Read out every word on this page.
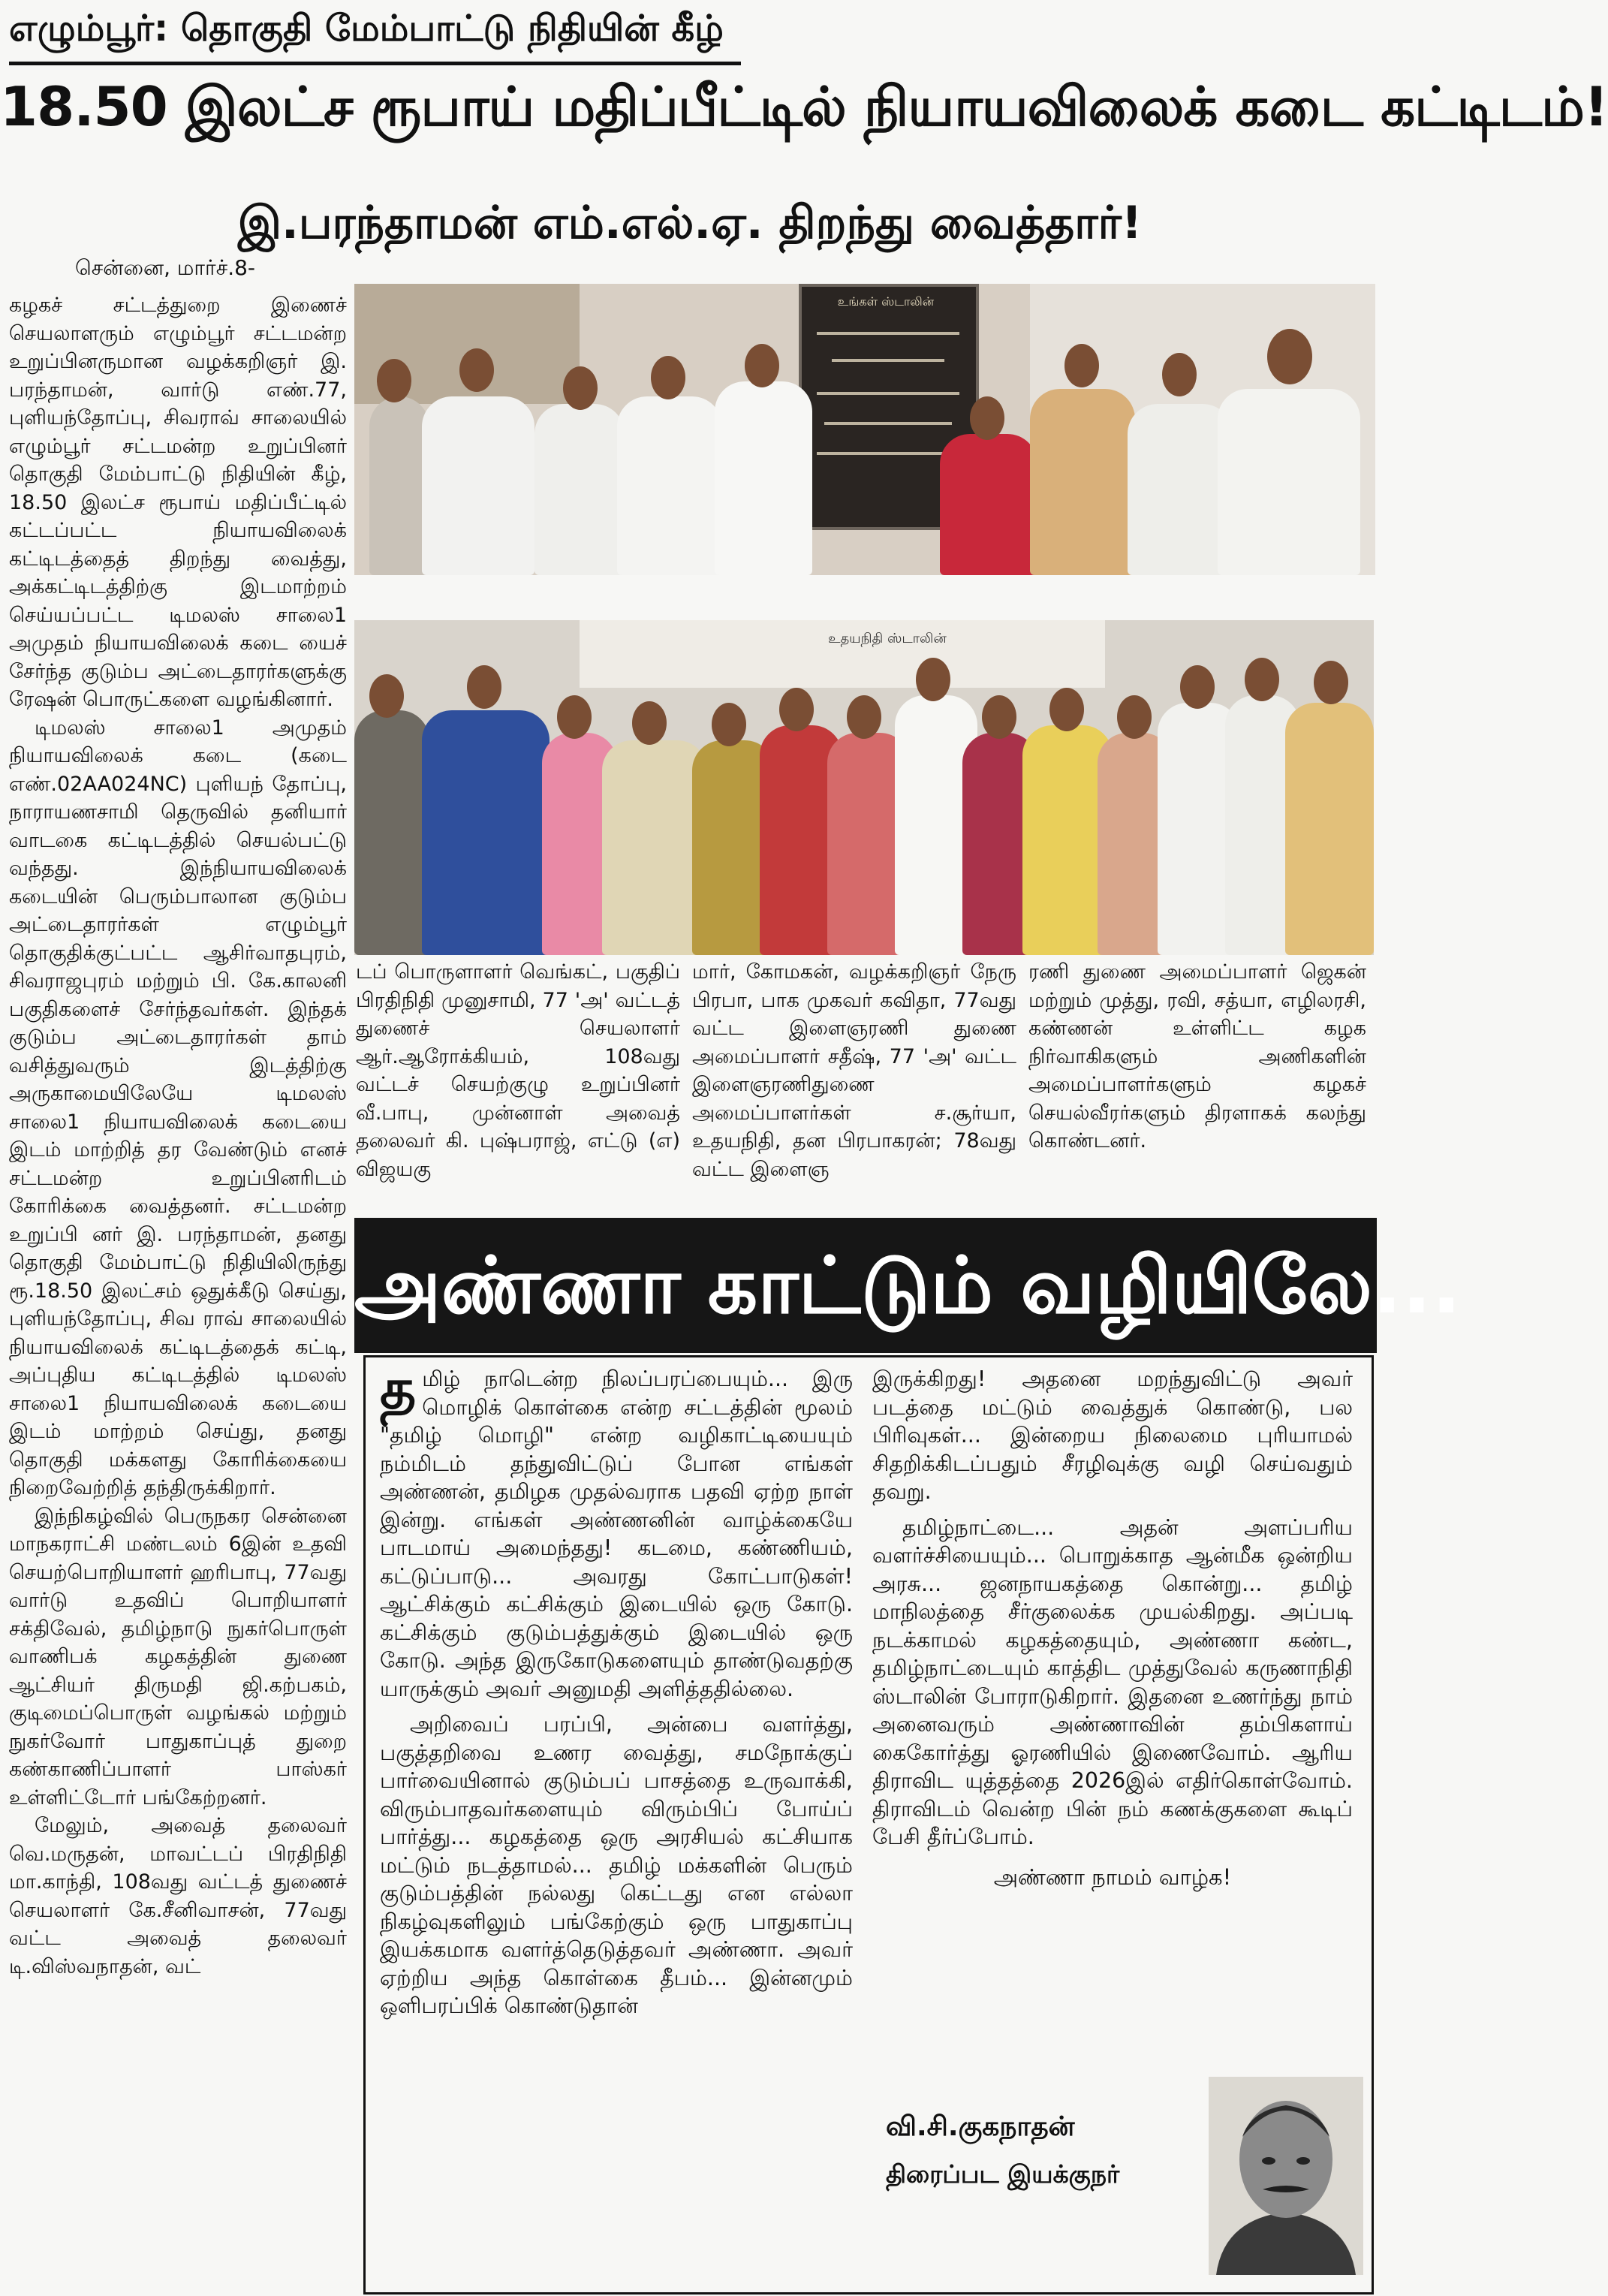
எழும்பூர்: தொகுதி மேம்பாட்டு நிதியின் கீழ்
18.50 இலட்ச ரூபாய் மதிப்பீட்டில் நியாயவிலைக் கடை கட்டிடம்!
இ.பரந்தாமன் எம்.எல்.ஏ. திறந்து வைத்தார்!
சென்னை, மார்ச்.8-

கழகச் சட்டத்துறை இணைச் செயலாளரும் எழும்பூர் சட்டமன்ற உறுப்பினருமான வழக்கறிஞர் இ. பரந்தாமன், வார்டு எண்.77, புளியந்தோப்பு, சிவராவ் சாலையில் எழும்பூர் சட்டமன்ற உறுப்பினர் தொகுதி மேம்பாட்டு நிதியின் கீழ், 18.50 இலட்ச ரூபாய் மதிப்பீட்டில் கட்டப்பட்ட நியாயவிலைக் கட்டிடத்தைத் திறந்து வைத்து, அக்கட்டிடத்திற்கு இடமாற்றம் செய்யப்பட்ட டிமலஸ் சாலை1 அமுதம் நியாயவிலைக் கடை யைச் சேர்ந்த குடும்ப அட்டைதாரர்களுக்கு ரேஷன் பொருட்களை வழங்கினார்.

டிமலஸ் சாலை1 அமுதம் நியாயவிலைக் கடை (கடை எண்.02AA024NC) புளியந் தோப்பு, நாராயணசாமி தெருவில் தனியார் வாடகை கட்டிடத்தில் செயல்பட்டு வந்தது. இந்நியாயவிலைக் கடையின் பெரும்பாலான குடும்ப அட்டைதாரர்கள் எழும்பூர் தொகுதிக்குட்பட்ட ஆசிர்வாதபுரம், சிவராஜபுரம் மற்றும் பி. கே.காலனி பகுதிகளைச் சேர்ந்தவர்கள். இந்தக் குடும்ப அட்டைதாரர்கள் தாம் வசித்துவரும் இடத்திற்கு அருகாமையிலேயே டிமலஸ் சாலை1 நியாயவிலைக் கடையை இடம் மாற்றித் தர வேண்டும் எனச் சட்டமன்ற உறுப்பினரிடம் கோரிக்கை வைத்தனர். சட்டமன்ற உறுப்பி னர் இ. பரந்தாமன், தனது தொகுதி மேம்பாட்டு நிதியிலிருந்து ரூ.18.50 இலட்சம் ஒதுக்கீடு செய்து, புளியந்தோப்பு, சிவ ராவ் சாலையில் நியாயவிலைக் கட்டிடத்தைக் கட்டி, அப்புதிய கட்டிடத்தில் டிமலஸ் சாலை1 நியாயவிலைக் கடையை இடம் மாற்றம் செய்து, தனது தொகுதி மக்களது கோரிக்கையை நிறைவேற்றித் தந்திருக்கிறார்.

இந்நிகழ்வில் பெருநகர சென்னை மாநகராட்சி மண்டலம் 6இன் உதவி செயற்பொறியாளர் ஹரிபாபு, 77வது வார்டு உதவிப் பொறியாளர் சக்திவேல், தமிழ்நாடு நுகர்பொருள் வாணிபக் கழகத்தின் துணை ஆட்சியர் திருமதி ஜி.கற்பகம், குடிமைப்பொருள் வழங்கல் மற்றும் நுகர்வோர் பாதுகாப்புத் துறை கண்காணிப்பாளர் பாஸ்கர் உள்ளிட்டோர் பங்கேற்றனர்.

மேலும், அவைத் தலைவர் வெ.மருதன், மாவட்டப் பிரதிநிதி மா.காந்தி, 108வது வட்டத் துணைச் செயலாளர் கே.சீனிவாசன், 77வது வட்ட அவைத் தலைவர் டி.விஸ்வநாதன், வட்

உங்கள் ஸ்டாலின்
உதயநிதி ஸ்டாலின்
டப் பொருளாளர் வெங்கட், பகுதிப் பிரதிநிதி முனுசாமி, 77 'அ' வட்டத் துணைச் செயலாளர் ஆர்.ஆரோக்கியம், 108வது வட்டச் செயற்குழு உறுப்பினர் வீ.பாபு, முன்னாள் அவைத் தலைவர் கி. புஷ்பராஜ், எட்டு (எ) விஜயகு
மார், கோமகன், வழக்கறிஞர் நேரு பிரபா, பாக முகவர் கவிதா, 77வது வட்ட இளைஞரணி துணை அமைப்பாளர் சதீஷ், 77 'அ' வட்ட இளைஞரணிதுணை அமைப்பாளர்கள் ச.சூர்யா, உதயநிதி, தன பிரபாகரன்; 78வது வட்ட இளைஞ
ரணி துணை அமைப்பாளர் ஜெகன் மற்றும் முத்து, ரவி, சத்யா, எழிலரசி, கண்ணன் உள்ளிட்ட கழக நிர்வாகிகளும் அணிகளின் அமைப்பாளர்களும் கழகச் செயல்வீரர்களும் திரளாகக் கலந்து கொண்டனர்.
அண்ணா காட்டும் வழியிலே...

தமிழ் நாடென்ற நிலப்பரப்பையும்... இரு மொழிக் கொள்கை என்ற சட்டத்தின் மூலம் "தமிழ் மொழி" என்ற வழிகாட்டியையும் நம்மிடம் தந்துவிட்டுப் போன எங்கள் அண்ணன், தமிழக முதல்வராக பதவி ஏற்ற நாள் இன்று. எங்கள் அண்ணனின் வாழ்க்கையே பாடமாய் அமைந்தது! கடமை, கண்ணியம், கட்டுப்பாடு... அவரது கோட்பாடுகள்! ஆட்சிக்கும் கட்சிக்கும் இடையில் ஒரு கோடு. கட்சிக்கும் குடும்பத்துக்கும் இடையில் ஒரு கோடு. அந்த இருகோடுகளையும் தாண்டுவதற்கு யாருக்கும் அவர் அனுமதி அளித்ததில்லை.

அறிவைப் பரப்பி, அன்பை வளர்த்து, பகுத்தறிவை உணர வைத்து, சமநோக்குப் பார்வையினால் குடும்பப் பாசத்தை உருவாக்கி, விரும்பாதவர்களையும் விரும்பிப் போய்ப் பார்த்து... கழகத்தை ஒரு அரசியல் கட்சியாக மட்டும் நடத்தாமல்... தமிழ் மக்களின் பெரும் குடும்பத்தின் நல்லது கெட்டது என எல்லா நிகழ்வுகளிலும் பங்கேற்கும் ஒரு பாதுகாப்பு இயக்கமாக வளர்த்தெடுத்தவர் அண்ணா. அவர் ஏற்றிய அந்த கொள்கை தீபம்... இன்னமும் ஒளிபரப்பிக் கொண்டுதான்

இருக்கிறது! அதனை மறந்துவிட்டு அவர் படத்தை மட்டும் வைத்துக் கொண்டு, பல பிரிவுகள்... இன்றைய நிலைமை புரியாமல் சிதறிக்கிடப்பதும் சீரழிவுக்கு வழி செய்வதும் தவறு.

தமிழ்நாட்டை... அதன் அளப்பரிய வளர்ச்சியையும்... பொறுக்காத ஆன்மீக ஒன்றிய அரசு... ஜனநாயகத்தை கொன்று... தமிழ் மாநிலத்தை சீர்குலைக்க முயல்கிறது. அப்படி நடக்காமல் கழகத்தையும், அண்ணா கண்ட, தமிழ்நாட்டையும் காத்திட முத்துவேல் கருணாநிதி ஸ்டாலின் போராடுகிறார். இதனை உணர்ந்து நாம் அனைவரும் அண்ணாவின் தம்பிகளாய் கைகோர்த்து ஓரணியில் இணைவோம். ஆரிய திராவிட யுத்தத்தை 2026இல் எதிர்கொள்வோம். திராவிடம் வென்ற பின் நம் கணக்குகளை கூடிப் பேசி தீர்ப்போம்.

அண்ணா நாமம் வாழ்க!

வி.சி.குகநாதன்
திரைப்பட இயக்குநர்
